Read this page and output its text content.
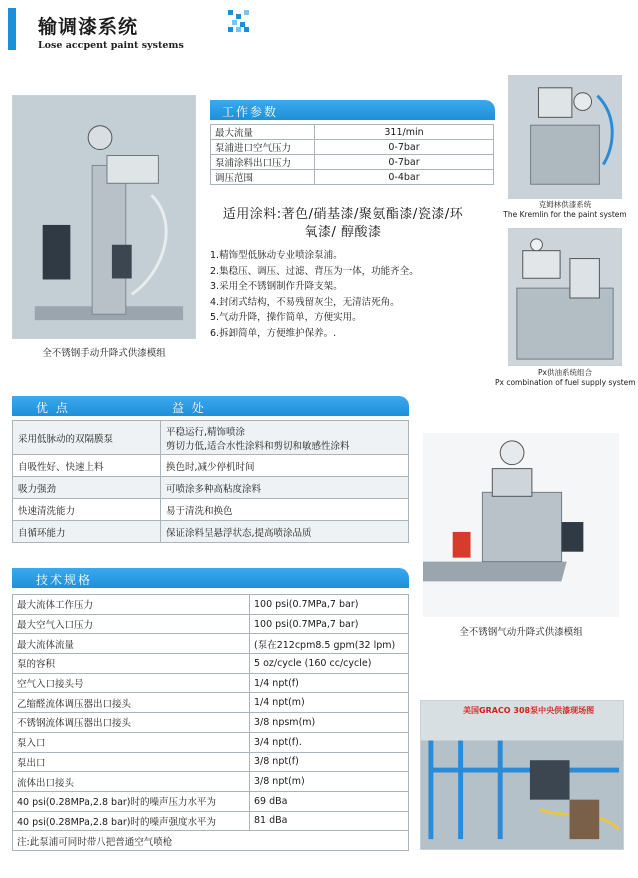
输调漆系统
Lose accpent paint systems
全不锈钢手动升降式供漆模组
工作参数
最大流量	311/min
泵浦进口空气压力	0-7bar
泵浦涂料出口压力	0-7bar
调压范围	0-4bar
适用涂料:著色/硝基漆/聚氨酯漆/瓷漆/环
氧漆/ 醇酸漆
1.精饰型低脉动专业喷涂泵浦。
2.集稳压、调压、过滤、背压为一体，功能齐全。
3.采用全不锈钢制作升降支架。
4.封闭式结构，不易残留灰尘，无清洁死角。
5.气动升降，操作简单，方便实用。
6.拆卸简单，方便维护保养。.
克姆林供漆系统
The Kremlin for the paint system
Px供油系统组合
Px combination of fuel supply system
优 点	益 处
采用低脉动的双隔膜泵	平稳运行,精饰喷涂
剪切力低,适合水性涂料和剪切和敏感性涂料

自吸性好、快速上料	换色时,减少停机时间
吸力强劲	可喷涂多种高粘度涂料
快速清洗能力	易于清洗和换色
自循环能力	保证涂料呈悬浮状态,提高喷涂品质
全不锈钢气动升降式供漆模组
技术规格
最大流体工作压力	100 psi(0.7MPa,7 bar)
最大空气入口压力	100 psi(0.7MPa,7 bar)
最大流体流量	(泵在212cpm8.5 gpm(32 lpm)
泵的容积	5 oz/cycle (160 cc/cycle)
空气入口接头号	1/4 npt(f)
乙缩醛流体调压器出口接头	1/4 npt(m)
不锈钢流体调压器出口接头	3/8 npsm(m)
泵入口	3/4 npt(f).
泵出口	3/8 npt(f)
流体出口接头	3/8 npt(m)
40 psi(0.28MPa,2.8 bar)时的噪声压力水平为	69 dBa
40 psi(0.28MPa,2.8 bar)时的噪声强度水平为	81 dBa
注:此泵浦可同时带八把普通空气喷枪	
美国GRACO 308泵中央供漆现场图
